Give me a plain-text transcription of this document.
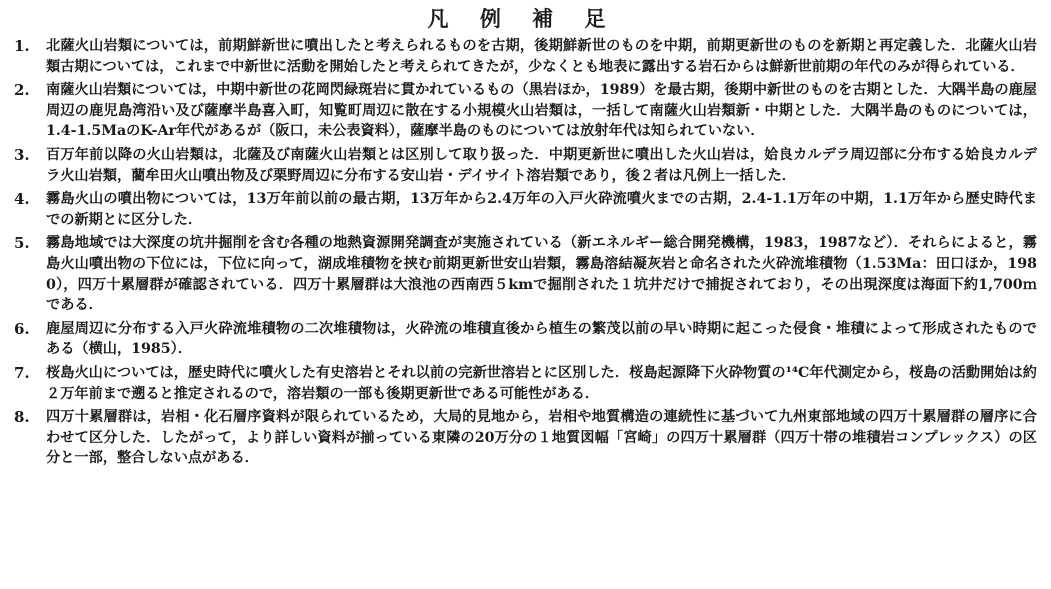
凡 例 補 足
1.	北薩火山岩類については，前期鮮新世に噴出したと考えられるものを古期，後期鮮新世のものを中期，前期更新世のものを新期と再定義した．北薩火山岩類古期については，これまで中新世に活動を開始したと考えられてきたが，少なくとも地表に露出する岩石からは鮮新世前期の年代のみが得られている．
2.	南薩火山岩類については，中期中新世の花岡閃緑斑岩に貫かれているもの（黒岩ほか，1989）を最古期，後期中新世のものを古期とした．大隅半島の鹿屋周辺の鹿児島湾沿い及び薩摩半島喜入町，知覧町周辺に散在する小規模火山岩類は，一括して南薩火山岩類新・中期とした．大隅半島のものについては，1.4-1.5MaのK-Ar年代があるが（阪口，未公表資料），薩摩半島のものについては放射年代は知られていない．
3.	百万年前以降の火山岩類は，北薩及び南薩火山岩類とは区別して取り扱った．中期更新世に噴出した火山岩は，姶良カルデラ周辺部に分布する姶良カルデラ火山岩類，藺牟田火山噴出物及び栗野周辺に分布する安山岩・デイサイト溶岩類であり，後２者は凡例上一括した．
4.	霧島火山の噴出物については，13万年前以前の最古期，13万年から2.4万年の入戸火砕流噴火までの古期，2.4-1.1万年の中期，1.1万年から歴史時代までの新期とに区分した．
5.	霧島地域では大深度の坑井掘削を含む各種の地熱資源開発調査が実施されている（新エネルギー総合開発機構，1983，1987など）．それらによると，霧島火山噴出物の下位には，下位に向って，湖成堆積物を挟む前期更新世安山岩類，霧島溶結凝灰岩と命名された火砕流堆積物（1.53Ma：田口ほか，1980），四万十累層群が確認されている．四万十累層群は大浪池の西南西５kmで掘削された１坑井だけで捕捉されており，その出現深度は海面下約1,700ｍである．
6.	鹿屋周辺に分布する入戸火砕流堆積物の二次堆積物は，火砕流の堆積直後から植生の繁茂以前の早い時期に起こった侵食・堆積によって形成されたものである（横山，1985）．
7.	桜島火山については，歴史時代に噴火した有史溶岩とそれ以前の完新世溶岩とに区別した．桜島起源降下火砕物質の¹⁴C年代測定から，桜島の活動開始は約２万年前まで遡ると推定されるので，溶岩類の一部も後期更新世である可能性がある．
8.	四万十累層群は，岩相・化石層序資料が限られているため，大局的見地から，岩相や地質構造の連続性に基づいて九州東部地域の四万十累層群の層序に合わせて区分した．したがって，より詳しい資料が揃っている東隣の20万分の１地質図幅「宮崎」の四万十累層群（四万十帯の堆積岩コンプレックス）の区分と一部，整合しない点がある．
